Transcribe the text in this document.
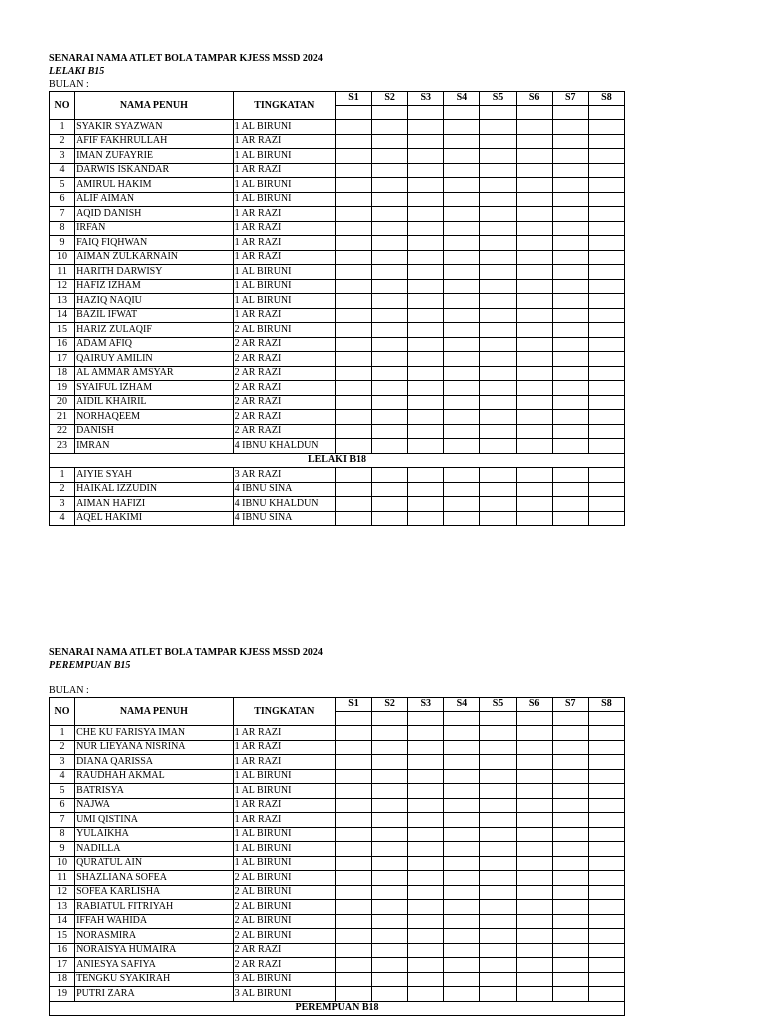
SENARAI NAMA ATLET BOLA TAMPAR KJESS MSSD 2024
LELAKI B15
BULAN :
NO	NAMA PENUH	TINGKATAN	S1	S2	S3	S4	S5	S6	S7	S8

1	SYAKIR SYAZWAN	1 AL BIRUNI								
2	AFIF FAKHRULLAH	1 AR RAZI								
3	IMAN ZUFAYRIE	1 AL BIRUNI								
4	DARWIS ISKANDAR	1 AR RAZI								
5	AMIRUL HAKIM	1 AL BIRUNI								
6	ALIF AIMAN	1 AL BIRUNI								
7	AQID DANISH	1 AR RAZI								
8	IRFAN	1 AR RAZI								
9	FAIQ FIQHWAN	1 AR RAZI								
10	AIMAN ZULKARNAIN	1 AR RAZI								
11	HARITH DARWISY	1 AL BIRUNI								
12	HAFIZ IZHAM	1 AL BIRUNI								
13	HAZIQ NAQIU	1 AL BIRUNI								
14	BAZIL IFWAT	1 AR RAZI								
15	HARIZ ZULAQIF	2 AL BIRUNI								
16	ADAM AFIQ	2 AR RAZI								
17	QAIRUY AMILIN	2 AR RAZI								
18	AL AMMAR AMSYAR	2 AR RAZI								
19	SYAIFUL IZHAM	2 AR RAZI								
20	AIDIL KHAIRIL	2 AR RAZI								
21	NORHAQEEM	2 AR RAZI								
22	DANISH	2 AR RAZI								
23	IMRAN	4 IBNU KHALDUN								
LELAKI B18										
1	AIYIE SYAH	3 AR RAZI								
2	HAIKAL IZZUDIN	4 IBNU SINA								
3	AIMAN HAFIZI	4 IBNU KHALDUN								
4	AQEL HAKIMI	4 IBNU SINA								
SENARAI NAMA ATLET BOLA TAMPAR KJESS MSSD 2024
PEREMPUAN B15
BULAN :
NO	NAMA PENUH	TINGKATAN	S1	S2	S3	S4	S5	S6	S7	S8

1	CHE KU FARISYA IMAN	1 AR RAZI								
2	NUR LIEYANA NISRINA	1 AR RAZI								
3	DIANA QARISSA	1 AR RAZI								
4	RAUDHAH AKMAL	1 AL BIRUNI								
5	BATRISYA	1 AL BIRUNI								
6	NAJWA	1 AR RAZI								
7	UMI QISTINA	1 AR RAZI								
8	YULAIKHA	1 AL BIRUNI								
9	NADILLA	1 AL BIRUNI								
10	QURATUL AIN	1 AL BIRUNI								
11	SHAZLIANA SOFEA	2 AL BIRUNI								
12	SOFEA KARLISHA	2 AL BIRUNI								
13	RABIATUL FITRIYAH	2 AL BIRUNI								
14	IFFAH WAHIDA	2 AL BIRUNI								
15	NORASMIRA	2 AL BIRUNI								
16	NORAISYA HUMAIRA	2 AR RAZI								
17	ANIESYA SAFIYA	2 AR RAZI								
18	TENGKU SYAKIRAH	3 AL BIRUNI								
19	PUTRI ZARA	3 AL BIRUNI								
PEREMPUAN B18										
